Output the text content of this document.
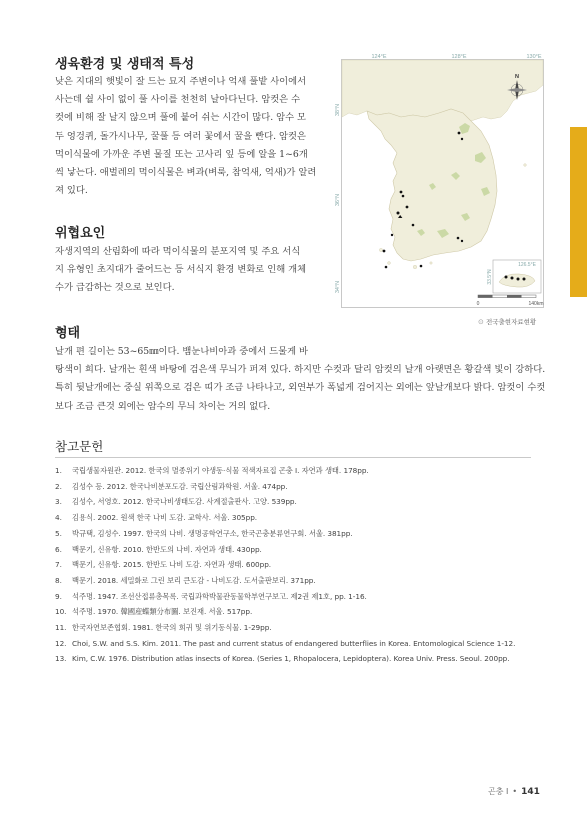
생육환경 및 생태적 특성

낮은 지대의 햇빛이 잘 드는 묘지 주변이나 억새 풀밭 사이에서

사는데 쉴 사이 없이 풀 사이를 천천히 날아다닌다. 암컷은 수

컷에 비해 잘 날지 않으며 풀에 붙어 쉬는 시간이 많다. 암수 모

두 엉겅퀴, 돌가시나무, 꿀풀 등 여러 꽃에서 꿀을 빤다. 암컷은

먹이식물에 가까운 주변 물질 또는 고사리 잎 등에 알을 1~6개

씩 낳는다. 애벌레의 먹이식물은 벼과(벼룩, 참억새, 억새)가 알려

져 있다.

위협요인

자생지역의 산림화에 따라 먹이식물의 분포지역 및 주요 서식

지 유형인 초지대가 줄어드는 등 서식지 환경 변화로 인해 개체

수가 급감하는 것으로 보인다.

형태

날개 편 길이는 53~65㎜이다. 뱀눈나비아과 중에서 드물게 바

탕색이 희다. 날개는 흰색 바탕에 검은색 무늬가 퍼져 있다. 하지만 수컷과 달리 암컷의 날개 아랫면은 황갈색 빛이 강하다.

특히 뒷날개에는 중실 위쪽으로 검은 띠가 조금 나타나고, 외연부가 폭넓게 검어지는 외에는 앞날개보다 밝다. 암컷이 수컷

보다 조금 큰것 외에는 암수의 무늬 차이는 거의 없다.

124°E	128°E	130°E
38°N
36°N
34°N
126.5°E
33.5°N
N
0	140km
⊙ 전국출현자료현황
참고문헌
1. 국립생물자원관. 2012. 한국의 멸종위기 야생동·식물 적색자료집 곤충 I. 자연과 생태. 178pp.
2. 김성수 등. 2012. 한국나비분포도감. 국립산림과학원. 서울. 474pp.
3. 김성수, 서영호. 2012. 한국나비생태도감. 사계절출판사. 고양. 539pp.
4. 김용식. 2002. 원색 한국 나비 도감. 교학사. 서울. 305pp.
5. 박규택, 김성수. 1997. 한국의 나비. 생명공학연구소, 한국곤충분류연구회. 서울. 381pp.
6. 백문기, 신유항. 2010. 한반도의 나비. 자연과 생태. 430pp.
7. 백문기, 신유항. 2015. 한반도 나비 도감. 자연과 생태. 600pp.
8. 백문기. 2018. 세밀화로 그린 보리 큰도감 - 나비도감. 도서출판보리. 371pp.
9. 석주명. 1947. 조선산접류총목록. 국립과학박물관동물학부연구보고. 제2권 제1호, pp. 1-16.
10. 석주명. 1970. 韓國産蝶類分布圖. 보진재. 서울. 517pp.
11. 한국자연보존협회. 1981. 한국의 희귀 및 위기동식물. 1-29pp.
12. Choi, S.W. and S.S. Kim. 2011. The past and current status of endangered butterflies in Korea. Entomological Science 1-12.
13. Kim, C.W. 1976. Distribution atlas insects of Korea. (Series 1, Rhopalocera, Lepidoptera). Korea Univ. Press. Seoul. 200pp.
곤충 I • 141
